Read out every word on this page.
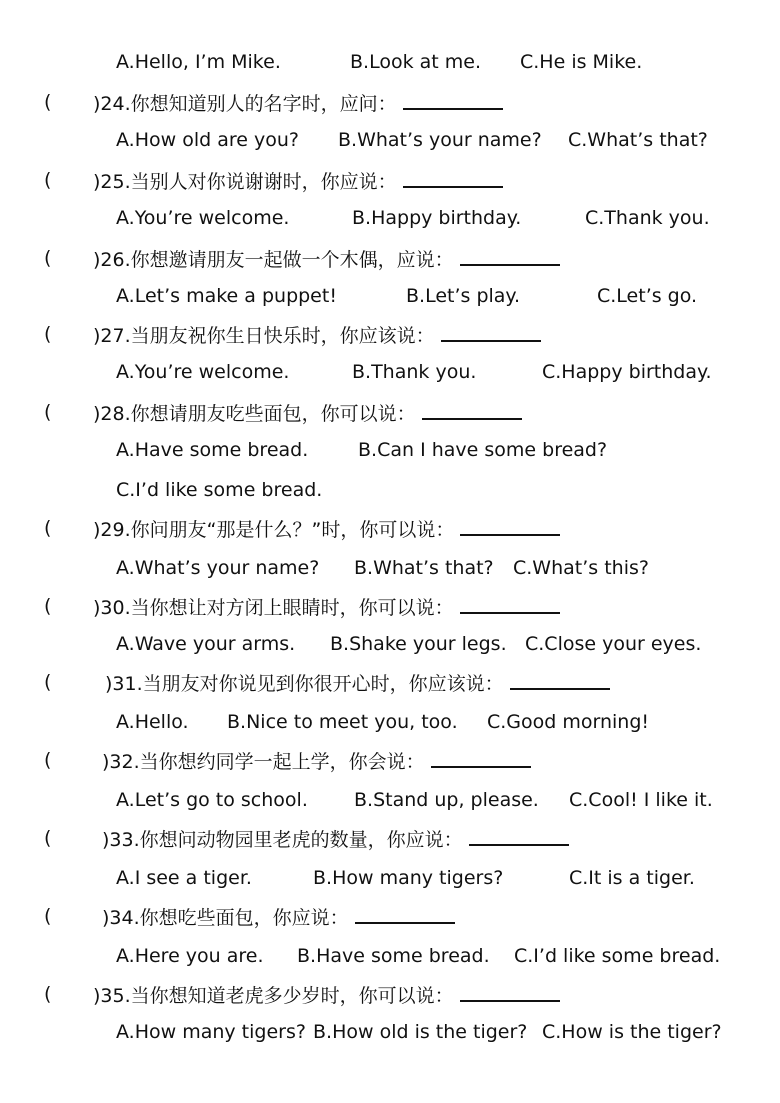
A.Hello, I’m Mike.	B.Look at me. C.He is Mike.
( )24.你想知道别人的名字时，应问：
A.How old are you? B.What’s your name? C.What’s that?
( )25.当别人对你说谢谢时，你应说：
A.You’re welcome.	B.Happy birthday.	C.Thank you.
( )26.你想邀请朋友一起做一个木偶，应说：
A.Let’s make a puppet!	B.Let’s play.	C.Let’s go.
( )27.当朋友祝你生日快乐时，你应该说：
A.You’re welcome.	B.Thank you.	C.Happy birthday.
( )28.你想请朋友吃些面包，你可以说：
A.Have some bread.	B.Can I have some bread?
C.I’d like some bread.
( )29.你问朋友“那是什么？”时，你可以说：
A.What’s your name? B.What’s that? C.What’s this?
( )30.当你想让对方闭上眼睛时，你可以说：
A.Wave your arms. B.Shake your legs. C.Close your eyes.
(	)31.当朋友对你说见到你很开心时，你应该说：
A.Hello. B.Nice to meet you, too. C.Good morning!
(	)32.当你想约同学一起上学，你会说：
A.Let’s go to school. B.Stand up, please. C.Cool! I like it.
(	)33.你想问动物园里老虎的数量，你应说：
A.I see a tiger.	B.How many tigers?	C.It is a tiger.
(	)34.你想吃些面包，你应说：
A.Here you are. B.Have some bread. C.I’d like some bread.
( )35.当你想知道老虎多少岁时，你可以说：
A.How many tigers? B.How old is the tiger? C.How is the tiger?
